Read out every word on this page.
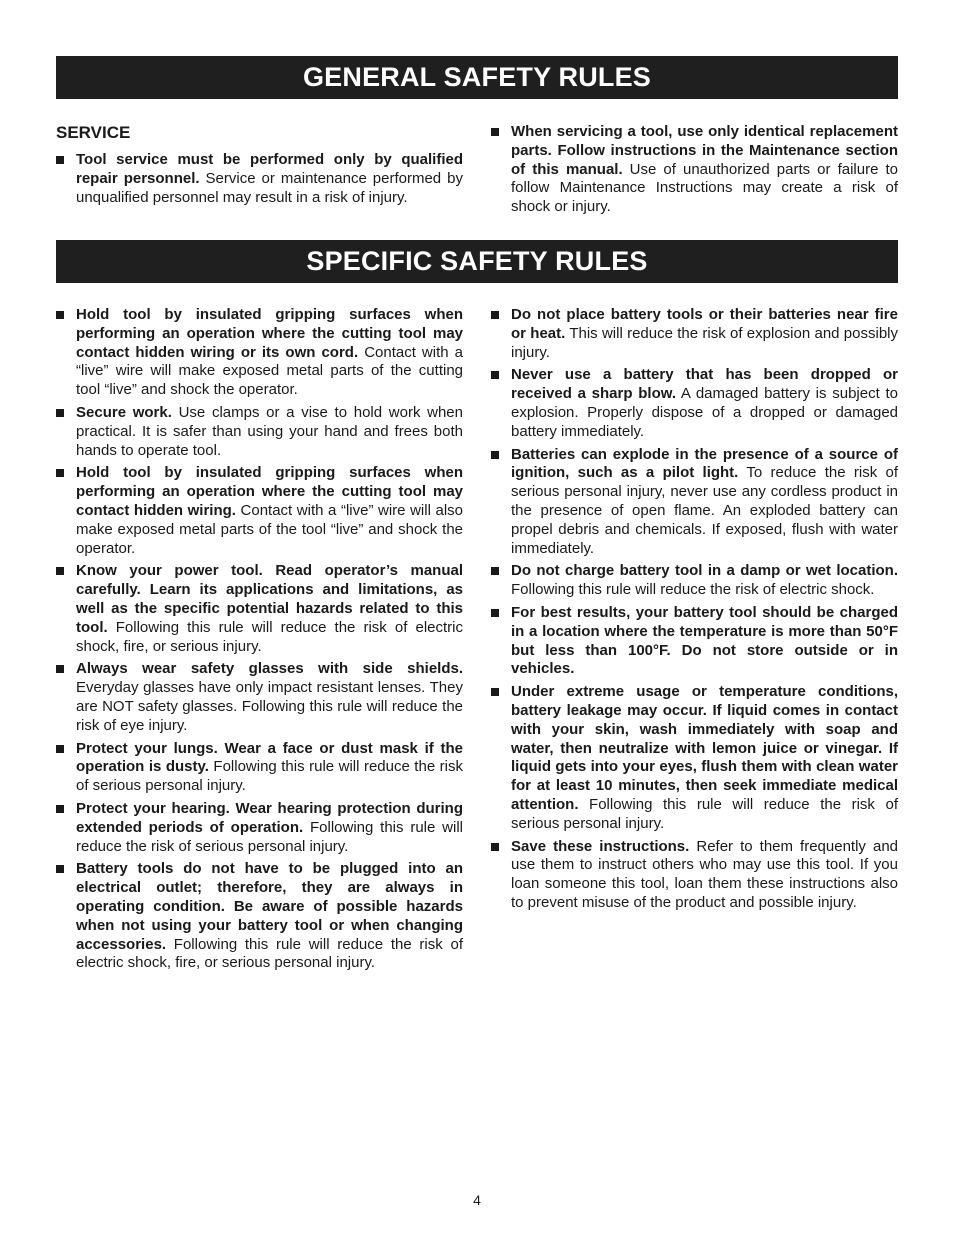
GENERAL SAFETY RULES
SERVICE
Tool service must be performed only by qualified repair personnel. Service or maintenance performed by unqualified personnel may result in a risk of injury.
When servicing a tool, use only identical replacement parts. Follow instructions in the Maintenance section of this manual. Use of unauthorized parts or failure to follow Maintenance Instructions may create a risk of shock or injury.
SPECIFIC SAFETY RULES
Hold tool by insulated gripping surfaces when performing an operation where the cutting tool may contact hidden wiring or its own cord. Contact with a “live” wire will make exposed metal parts of the cutting tool “live” and shock the operator.
Secure work. Use clamps or a vise to hold work when practical. It is safer than using your hand and frees both hands to operate tool.
Hold tool by insulated gripping surfaces when performing an operation where the cutting tool may contact hidden wiring. Contact with a “live” wire will also make exposed metal parts of the tool “live” and shock the operator.
Know your power tool. Read operator’s manual carefully. Learn its applications and limitations, as well as the specific potential hazards related to this tool. Following this rule will reduce the risk of electric shock, fire, or serious injury.
Always wear safety glasses with side shields. Everyday glasses have only impact resistant lenses. They are NOT safety glasses. Following this rule will reduce the risk of eye injury.
Protect your lungs. Wear a face or dust mask if the operation is dusty. Following this rule will reduce the risk of serious personal injury.
Protect your hearing. Wear hearing protection during extended periods of operation. Following this rule will reduce the risk of serious personal injury.
Battery tools do not have to be plugged into an electrical outlet; therefore, they are always in operating condition. Be aware of possible hazards when not using your battery tool or when changing accessories. Following this rule will reduce the risk of electric shock, fire, or serious personal injury.
Do not place battery tools or their batteries near fire or heat. This will reduce the risk of explosion and possibly injury.
Never use a battery that has been dropped or received a sharp blow. A damaged battery is subject to explosion. Properly dispose of a dropped or damaged battery immediately.
Batteries can explode in the presence of a source of ignition, such as a pilot light. To reduce the risk of serious personal injury, never use any cordless product in the presence of open flame. An exploded battery can propel debris and chemicals. If exposed, flush with water immediately.
Do not charge battery tool in a damp or wet location. Following this rule will reduce the risk of electric shock.
For best results, your battery tool should be charged in a location where the temperature is more than 50°F but less than 100°F. Do not store outside or in vehicles.
Under extreme usage or temperature conditions, battery leakage may occur. If liquid comes in contact with your skin, wash immediately with soap and water, then neutralize with lemon juice or vinegar. If liquid gets into your eyes, flush them with clean water for at least 10 minutes, then seek immediate medical attention. Following this rule will reduce the risk of serious personal injury.
Save these instructions. Refer to them frequently and use them to instruct others who may use this tool. If you loan someone this tool, loan them these instructions also to prevent misuse of the product and possible injury.
4
